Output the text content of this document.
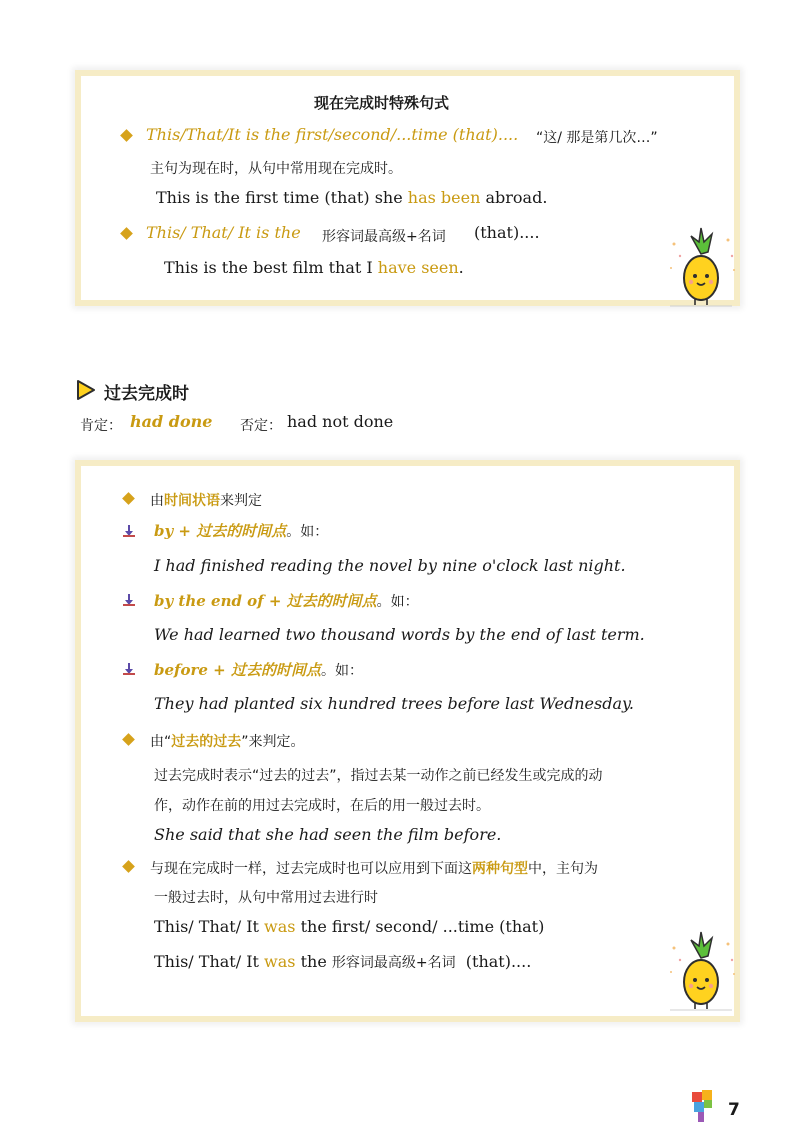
现在完成时特殊句式
This/That/It is the first/second/...time (that).... “这/ 那是第几次…”
主句为现在时，从句中常用现在完成时。
This is the first time (that) she has been abroad.
This/ That/ It is the 形容词最高级+名词 (that)....
This is the best film that I have seen.
过去完成时
肯定： had done 否定： had not done
由时间状语来判定
by + 过去的时间点。如：
I had finished reading the novel by nine o'clock last night.
by the end of + 过去的时间点。如：
We had learned two thousand words by the end of last term.
before + 过去的时间点。如：
They had planted six hundred trees before last Wednesday.
由“过去的过去”来判定。
过去完成时表示“过去的过去”，指过去某一动作之前已经发生或完成的动
作，动作在前的用过去完成时，在后的用一般过去时。
She said that she had seen the film before.
与现在完成时一样，过去完成时也可以应用到下面这两种句型中，主句为
一般过去时，从句中常用过去进行时
This/ That/ It was the first/ second/ ...time (that)
This/ That/ It was the 形容词最高级+名词 (that)....
7
